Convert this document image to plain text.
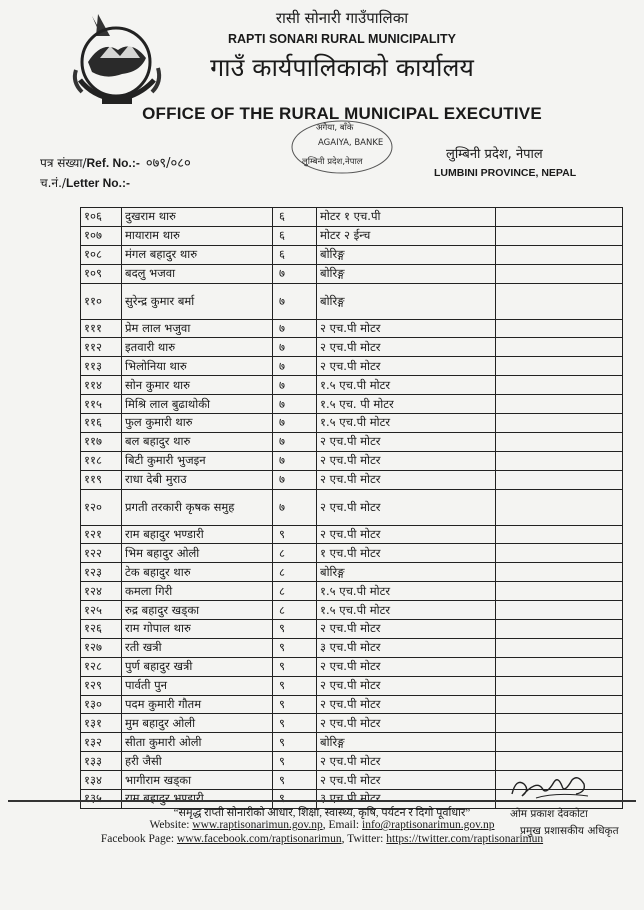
रासी सोनारी गाउँपालिका
RAPTI SONARI RURAL MUNICIPALITY
गाउँ कार्यपालिकाको कार्यालय
OFFICE OF THE RURAL MUNICIPAL EXECUTIVE
अगैया, बाँके
AGAIYA, BANKE
लुम्बिनी प्रदेश,नेपाल
पत्र संख्या/Ref. No.:- ०७९/०८०
च.नं./Letter No.:-
लुम्बिनी प्रदेश, नेपाल
LUMBINI PROVINCE, NEPAL
१०६	दुखराम थारु	६	मोटर १ एच.पी	
१०७	मायाराम थारु	६	मोटर २ ईन्च	
१०८	मंगल बहादुर थारु	६	बोरिङ्ग	
१०९	बदलु भजवा	७	बोरिङ्ग	
११०	सुरेन्द्र कुमार बर्मा	७	बोरिङ्ग	
१११	प्रेम लाल भजुवा	७	२ एच.पी मोटर	
११२	इतवारी थारु	७	२ एच.पी मोटर	
११३	भिलोनिया थारु	७	२ एच.पी मोटर	
११४	सोन कुमार थारु	७	१.५ एच.पी मोटर	
११५	मिश्रि लाल बुढाथोकी	७	१.५ एच. पी मोटर	
११६	फुल कुमारी थारु	७	१.५ एच.पी मोटर	
११७	बल बहादुर थारु	७	२ एच.पी मोटर	
११८	बिटी कुमारी भुजइन	७	२ एच.पी मोटर	
११९	राधा देबी मुराउ	७	२ एच.पी मोटर	
१२०	प्रगती तरकारी कृषक समुह	७	२ एच.पी मोटर	
१२१	राम बहादुर भण्डारी	९	२ एच.पी मोटर	
१२२	भिम बहादुर ओली	८	१ एच.पी मोटर	
१२३	टेक बहादुर थारु	८	बोरिङ्ग	
१२४	कमला गिरी	८	१.५ एच.पी मोटर	
१२५	रुद्र बहादुर खड्का	८	१.५ एच.पी मोटर	
१२६	राम गोपाल थारु	९	२ एच.पी मोटर	
१२७	रती खत्री	९	३ एच.पी मोटर	
१२८	पुर्ण बहादुर खत्री	९	२ एच.पी मोटर	
१२९	पार्वती पुन	९	२ एच.पी मोटर	
१३०	पदम कुमारी गौतम	९	२ एच.पी मोटर	
१३१	मुम बहादुर ओली	९	२ एच.पी मोटर	
१३२	सीता कुमारी ओली	९	बोरिङ्ग	
१३३	हरी जैसी	९	२ एच.पी मोटर	
१३४	भागीराम खड्का	९	२ एच.पी मोटर	
१३५	राम बहादुर भण्डारी	९	३ एच.पी मोटर	
“समृद्ध राप्ती सोनारीको आधार, शिक्षा, स्वास्थ्य, कृषि, पर्यटन र दिगो पूर्वाधार”
Website: www.raptisonarimun.gov.np, Email: info@raptisonarimun.gov.np
Facebook Page: www.facebook.com/raptisonarimun, Twitter: https://twitter.com/raptisonarimun
ओम प्रकाश देवकोटा
प्रमुख प्रशासकीय अधिकृत
